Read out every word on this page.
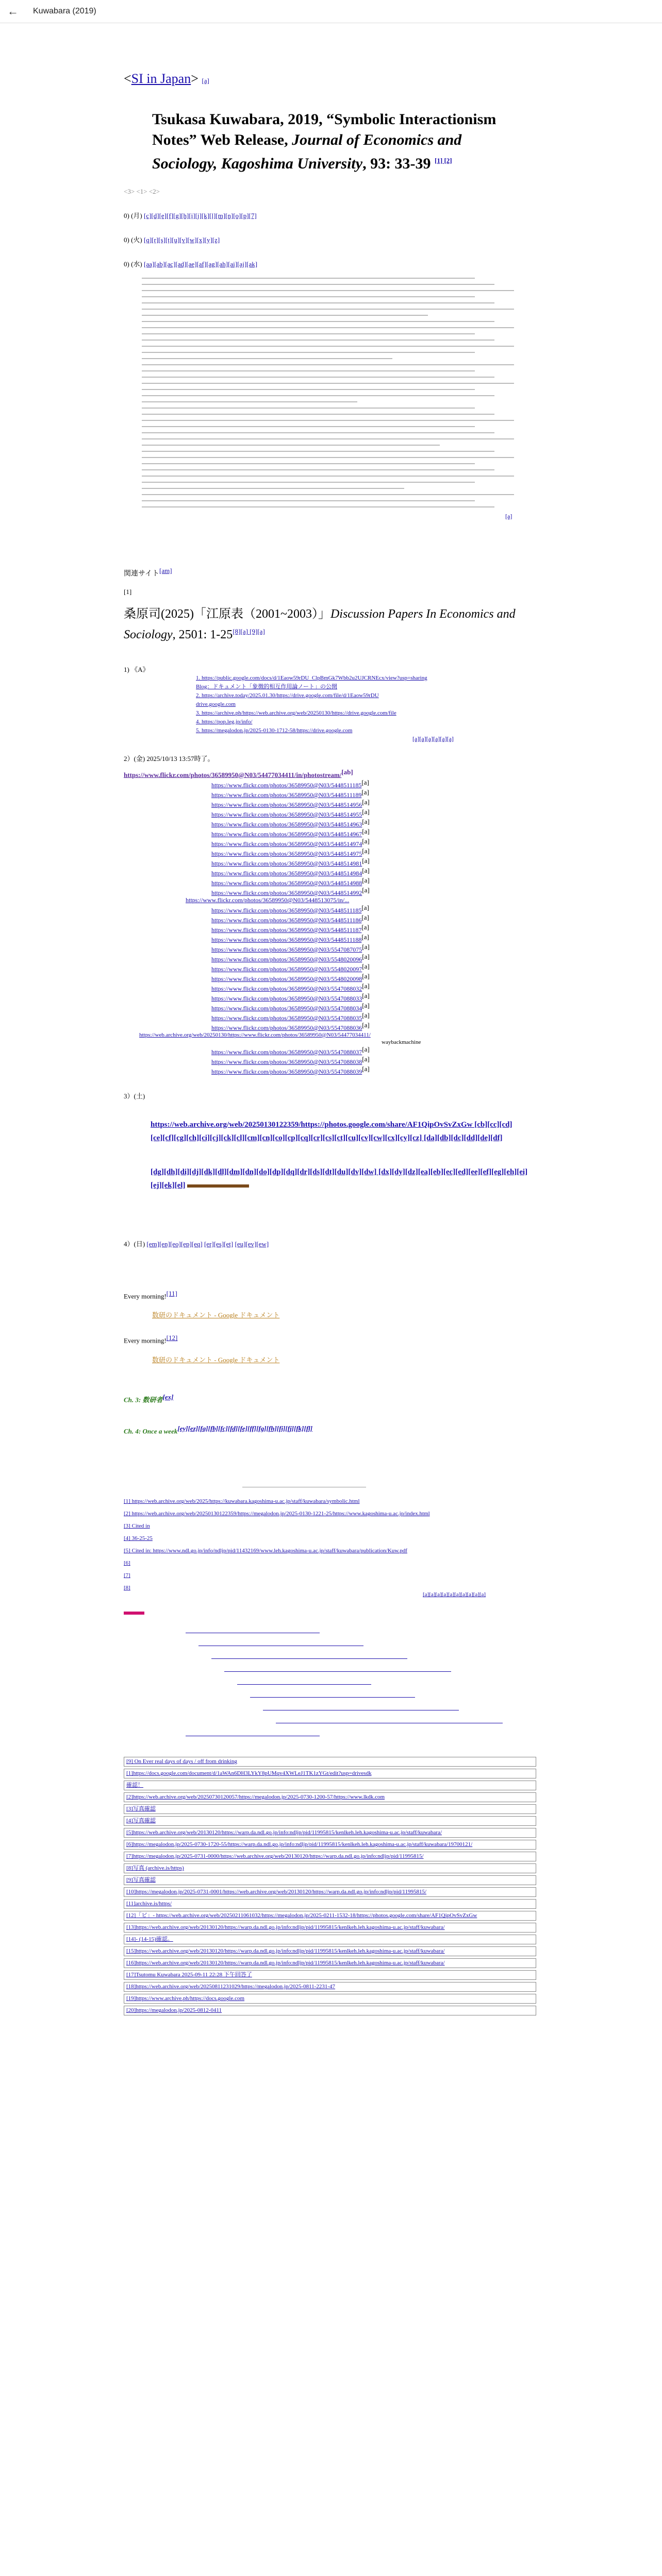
← Kuwabara (2019)
<SI in Japan> [a]
Tsukasa Kuwabara, 2019, “Symbolic Interactionism Notes” Web Release, Journal of Economics and Sociology, Kagoshima University, 93: 33-39 [1] [2]
<3> <1> <2>
0) (月) [c][d][e][f][g][h][i][j][k][l][m][n][o][p][7]
0) (火) [q][r][s][t][u][v][w][x][y][z]
0) (水) [aa][ab][ac][ad][ae][af][ag][ah][ai][aj][ak]
[a]
関連サイト[am]
[1]
桑原司(2025)「江原表（2001~2003）」Discussion Papers In Economics and Sociology, 2501: 1-25[8][a] [9][a]
1) 《A》
1. https://public.google.com/docs/d/1Eaow59rDU_ClpBmGk7Wbb2u2UJCRNEcx/view?usp=sharing
Blog：ドキュメント「象徴的相互作用論ノート」の公開
2. https://archive.today/2025.01.30/https://drive.google.com/file/d/1Eaow59rDU
drive.google.com
3. https://archive.ph/https://web.archive.org/web/20250130/https://drive.google.com/file
4. https://pop.leg.jp/info/
5. https://megalodon.jp/2025-0130-1712-58/https://drive.google.com
[a][a][a][a][a][a]
2）(金) 2025/10/13 13:57時了。
https://www.flickr.com/photos/36589950@N03/54477034411/in/photostream/[ab]
https://www.flickr.com/photos/36589950@N03/5448511185[a]
https://www.flickr.com/photos/36589950@N03/5448511189[a]
https://www.flickr.com/photos/36589950@N03/5448514956[a]
https://www.flickr.com/photos/36589950@N03/5448514955[a]
https://www.flickr.com/photos/36589950@N03/5448514963[a]
https://www.flickr.com/photos/36589950@N03/5448514967[a]
https://www.flickr.com/photos/36589950@N03/5448514974[a]
https://www.flickr.com/photos/36589950@N03/5448514975[a]
https://www.flickr.com/photos/36589950@N03/5448514981[a]
https://www.flickr.com/photos/36589950@N03/5448514984[a]
https://www.flickr.com/photos/36589950@N03/5448514988[a]
https://www.flickr.com/photos/36589950@N03/5448514992[a]
https://www.flickr.com/photos/36589950@N03/5448513075/in/...
https://www.flickr.com/photos/36589950@N03/5448511185[a]
https://www.flickr.com/photos/36589950@N03/5448511186[a]
https://www.flickr.com/photos/36589950@N03/5448511187[a]
https://www.flickr.com/photos/36589950@N03/5448511188[a]
https://www.flickr.com/photos/36589950@N03/5547087075[a]
https://www.flickr.com/photos/36589950@N03/5548020096[a]
https://www.flickr.com/photos/36589950@N03/5548020097[a]
https://www.flickr.com/photos/36589950@N03/5548020098[a]
https://www.flickr.com/photos/36589950@N03/5547088032[a]
https://www.flickr.com/photos/36589950@N03/5547088033[a]
https://www.flickr.com/photos/36589950@N03/5547088034[a]
https://www.flickr.com/photos/36589950@N03/5547088035[a]
https://www.flickr.com/photos/36589950@N03/5547088036[a]
https://web.archive.org/web/20250130/https://www.flickr.com/photos/36589950@N03/54477034411/
waybackmachine
https://www.flickr.com/photos/36589950@N03/5547088037[a]
https://www.flickr.com/photos/36589950@N03/5547088038[a]
https://www.flickr.com/photos/36589950@N03/5547088039[a]
3）(土)
https://web.archive.org/web/20250130122359/https://photos.google.com/share/AF1QipOvSvZxGw [cb][cc][cd][ce][cf][cg][ch][ci][cj][ck][cl][cm][cn][co][cp][cq][cr][cs][ct][cu][cv][cw][cx][cy][cz] [da][db][dc][dd][de][df]
[dg][dh][di][dj][dk][dl][dm][dn][do][dp][dq][dr][ds][dt][du][dv][dw] [dx][dy][dz][ea][eb][ec][ed][ee][ef][eg][eh][ei][ej][ek][el]
4）(日) [em][en][eo][ep][eq] [er][es][et] [eu][ev][ew]
Every morning![11]
数研のドキュメント - Google ドキュメント
Every morning![12]
数研のドキュメント - Google ドキュメント
Ch. 3: 数研者[ex]
Ch. 4: Once a week[ey][ez][fa][fb][fc][fd][fe][ff][fg][fh][fi][fj][fk][fl]
[1] https://web.archive.org/web/2025/https://kuwabara.kagoshima-u.ac.jp/staff/kuwabara/symbolic.html
[2] https://web.archive.org/web/20250130122359/https://megalodon.jp/2025-0130-1221-25/https://www.kagoshima-u.ac.jp/index.html
[3] Cited in
[4] 36-25-25
[5] Cited in: https://www.ndl.go.jp/info/ndljp/pid/11432169/www.leh.kagoshima-u.ac.jp/staff/kuwabara/publication/Kuw.pdf
[6]
[7]
[8]
[a][a][a][a][a][a][a][a][a][a]
[9] On Ever real days of days / off from drinking
[1]https://docs.google.com/document/d/1aWAn6DH3LYkY8pUMqv4XWLeJ1TK1zYGt/edit?usp=drivesdk
確認！
[2]https://web.archive.org/web/20250730120057/https://megalodon.jp/2025-0730-1200-57/https://www.lkdk.com
[3]写真確認
[4]写真確認
[5]https://web.archive.org/web/20130120/https://warp.da.ndl.go.jp/info:ndljp/pid/11995815/kenlkeh.leh.kagoshima-u.ac.jp/staff/kuwabara/
[6]https://megalodon.jp/2025-0730-1720-55/https://warp.da.ndl.go.jp/info:ndljp/pid/11995815/kenlkeh.leh.kagoshima-u.ac.jp/staff/kuwabara/19700121/
[7]https://megalodon.jp/2025-0731-0000/https://web.archive.org/web/20130120/https://warp.da.ndl.go.jp/info:ndljp/pid/11995815/
[8]写真 (archive.is/https)
[9]写真確認
[10]https://megalodon.jp/2025-0731-0001/https://web.archive.org/web/20130120/https://warp.da.ndl.go.jp/info:ndljp/pid/11995815/
[11]archive.is/https/
[12]「ビ」- https://web.archive.org/web/20250211061032/https://megalodon.jp/2025-0211-1532-18/https://photos.google.com/share/AF1QipOvSvZxGw
[13]https://web.archive.org/web/20130120/https://warp.da.ndl.go.jp/info:ndljp/pid/11995815/kenlkeh.leh.kagoshima-u.ac.jp/staff/kuwabara/
[14]- (14-15)確認。
[15]https://web.archive.org/web/20130120/https://warp.da.ndl.go.jp/info:ndljp/pid/11995815/kenlkeh.leh.kagoshima-u.ac.jp/staff/kuwabara/
[16]https://web.archive.org/web/20130120/https://warp.da.ndl.go.jp/info:ndljp/pid/11995815/kenlkeh.leh.kagoshima-u.ac.jp/staff/kuwabara/
[17]Tsutomu Kuwabara 2025-09-11 22:28 下午回答了
[18]https://web.archive.org/web/20250811231029/https://megalodon.jp/2025-0811-2231-47
[19]https://www.archive.ph/https://docs.google.com
[20]https://megalodon.jp/2025-0812-0411
